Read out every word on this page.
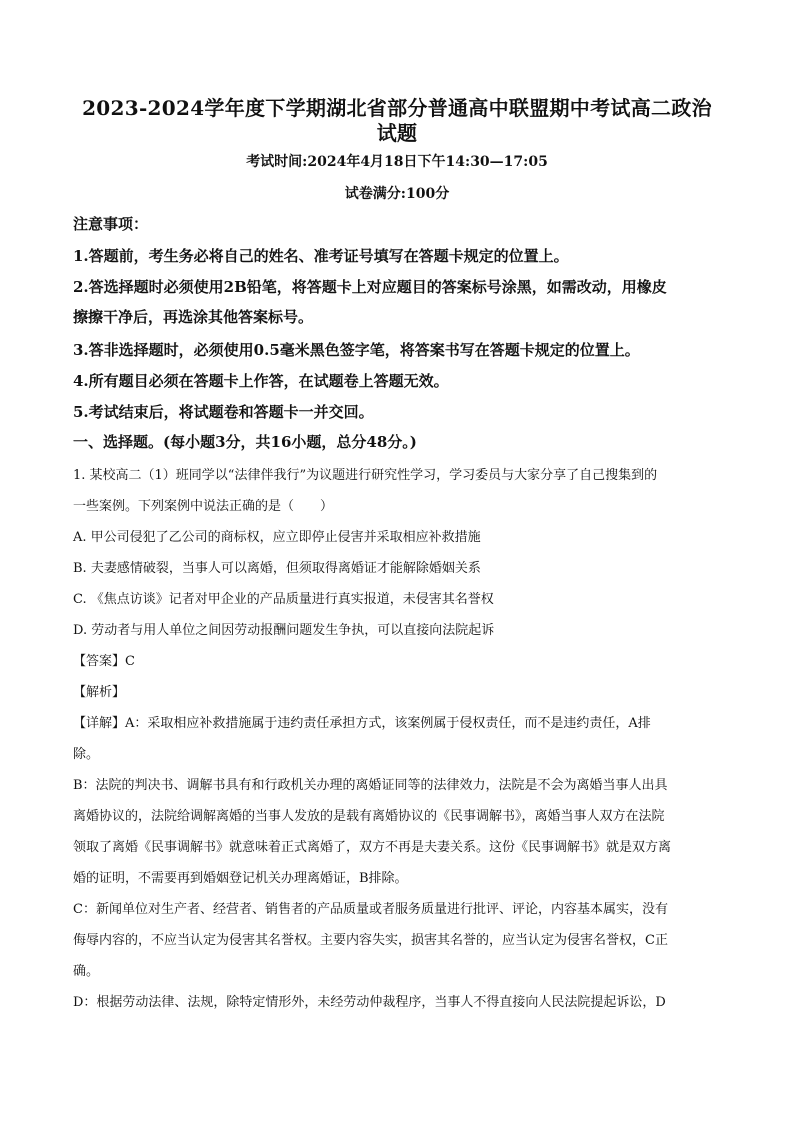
2023-2024学年度下学期湖北省部分普通高中联盟期中考试高二政治
试题
考试时间:2024年4月18日下午14:30—17:05
试卷满分:100分
注意事项：
1.答题前，考生务必将自己的姓名、准考证号填写在答题卡规定的位置上。
2.答选择题时必须使用2B铅笔，将答题卡上对应题目的答案标号涂黑，如需改动，用橡皮
擦擦干净后，再选涂其他答案标号。
3.答非选择题时，必须使用0.5毫米黑色签字笔，将答案书写在答题卡规定的位置上。
4.所有题目必须在答题卡上作答，在试题卷上答题无效。
5.考试结束后，将试题卷和答题卡一并交回。
一、选择题。(每小题3分，共16小题，总分48分。)
1. 某校高二（1）班同学以“法律伴我行”为议题进行研究性学习，学习委员与大家分享了自己搜集到的
一些案例。下列案例中说法正确的是（　　）
A. 甲公司侵犯了乙公司的商标权，应立即停止侵害并采取相应补救措施
B. 夫妻感情破裂，当事人可以离婚，但须取得离婚证才能解除婚姻关系
C. 《焦点访谈》记者对甲企业的产品质量进行真实报道，未侵害其名誉权
D. 劳动者与用人单位之间因劳动报酬问题发生争执，可以直接向法院起诉
【答案】C
【解析】
【详解】A：采取相应补救措施属于违约责任承担方式，该案例属于侵权责任，而不是违约责任，A排
除。
B：法院的判决书、调解书具有和行政机关办理的离婚证同等的法律效力，法院是不会为离婚当事人出具
离婚协议的，法院给调解离婚的当事人发放的是载有离婚协议的《民事调解书》，离婚当事人双方在法院
领取了离婚《民事调解书》就意味着正式离婚了，双方不再是夫妻关系。这份《民事调解书》就是双方离
婚的证明，不需要再到婚姻登记机关办理离婚证，B排除。
C：新闻单位对生产者、经营者、销售者的产品质量或者服务质量进行批评、评论，内容基本属实，没有
侮辱内容的，不应当认定为侵害其名誉权。主要内容失实，损害其名誉的，应当认定为侵害名誉权，C正
确。
D：根据劳动法律、法规，除特定情形外，未经劳动仲裁程序，当事人不得直接向人民法院提起诉讼，D
